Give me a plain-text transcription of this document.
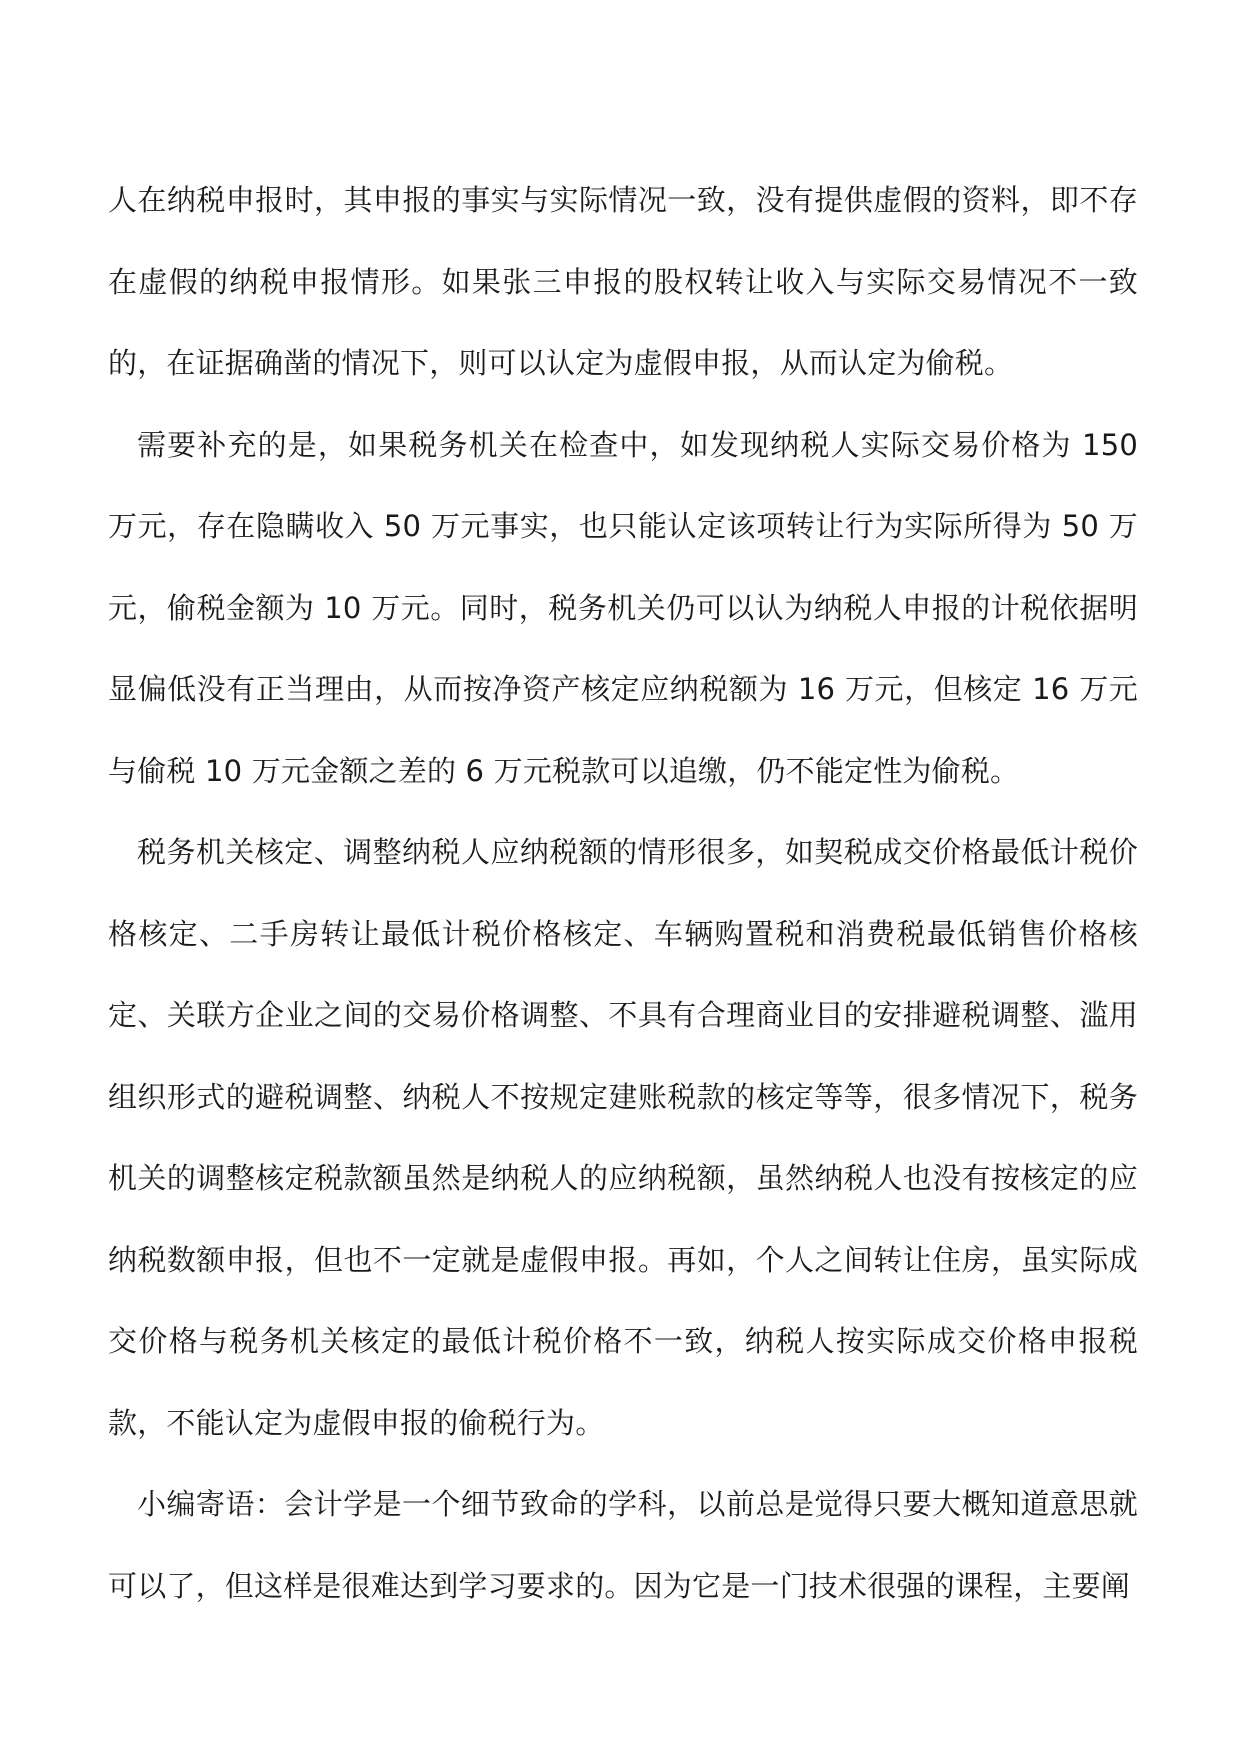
人在纳税申报时，其申报的事实与实际情况一致，没有提供虚假的资料，即不存在虚假的纳税申报情形。如果张三申报的股权转让收入与实际交易情况不一致的，在证据确凿的情况下，则可以认定为虚假申报，从而认定为偷税。

需要补充的是，如果税务机关在检查中，如发现纳税人实际交易价格为 150 万元，存在隐瞒收入 50 万元事实，也只能认定该项转让行为实际所得为 50 万元，偷税金额为 10 万元。同时，税务机关仍可以认为纳税人申报的计税依据明显偏低没有正当理由，从而按净资产核定应纳税额为 16 万元，但核定 16 万元与偷税 10 万元金额之差的 6 万元税款可以追缴，仍不能定性为偷税。

税务机关核定、调整纳税人应纳税额的情形很多，如契税成交价格最低计税价格核定、二手房转让最低计税价格核定、车辆购置税和消费税最低销售价格核定、关联方企业之间的交易价格调整、不具有合理商业目的安排避税调整、滥用组织形式的避税调整、纳税人不按规定建账税款的核定等等，很多情况下，税务机关的调整核定税款额虽然是纳税人的应纳税额，虽然纳税人也没有按核定的应纳税数额申报，但也不一定就是虚假申报。再如，个人之间转让住房，虽实际成交价格与税务机关核定的最低计税价格不一致，纳税人按实际成交价格申报税款，不能认定为虚假申报的偷税行为。

小编寄语：会计学是一个细节致命的学科，以前总是觉得只要大概知道意思就可以了，但这样是很难达到学习要求的。因为它是一门技术很强的课程，主要阐
